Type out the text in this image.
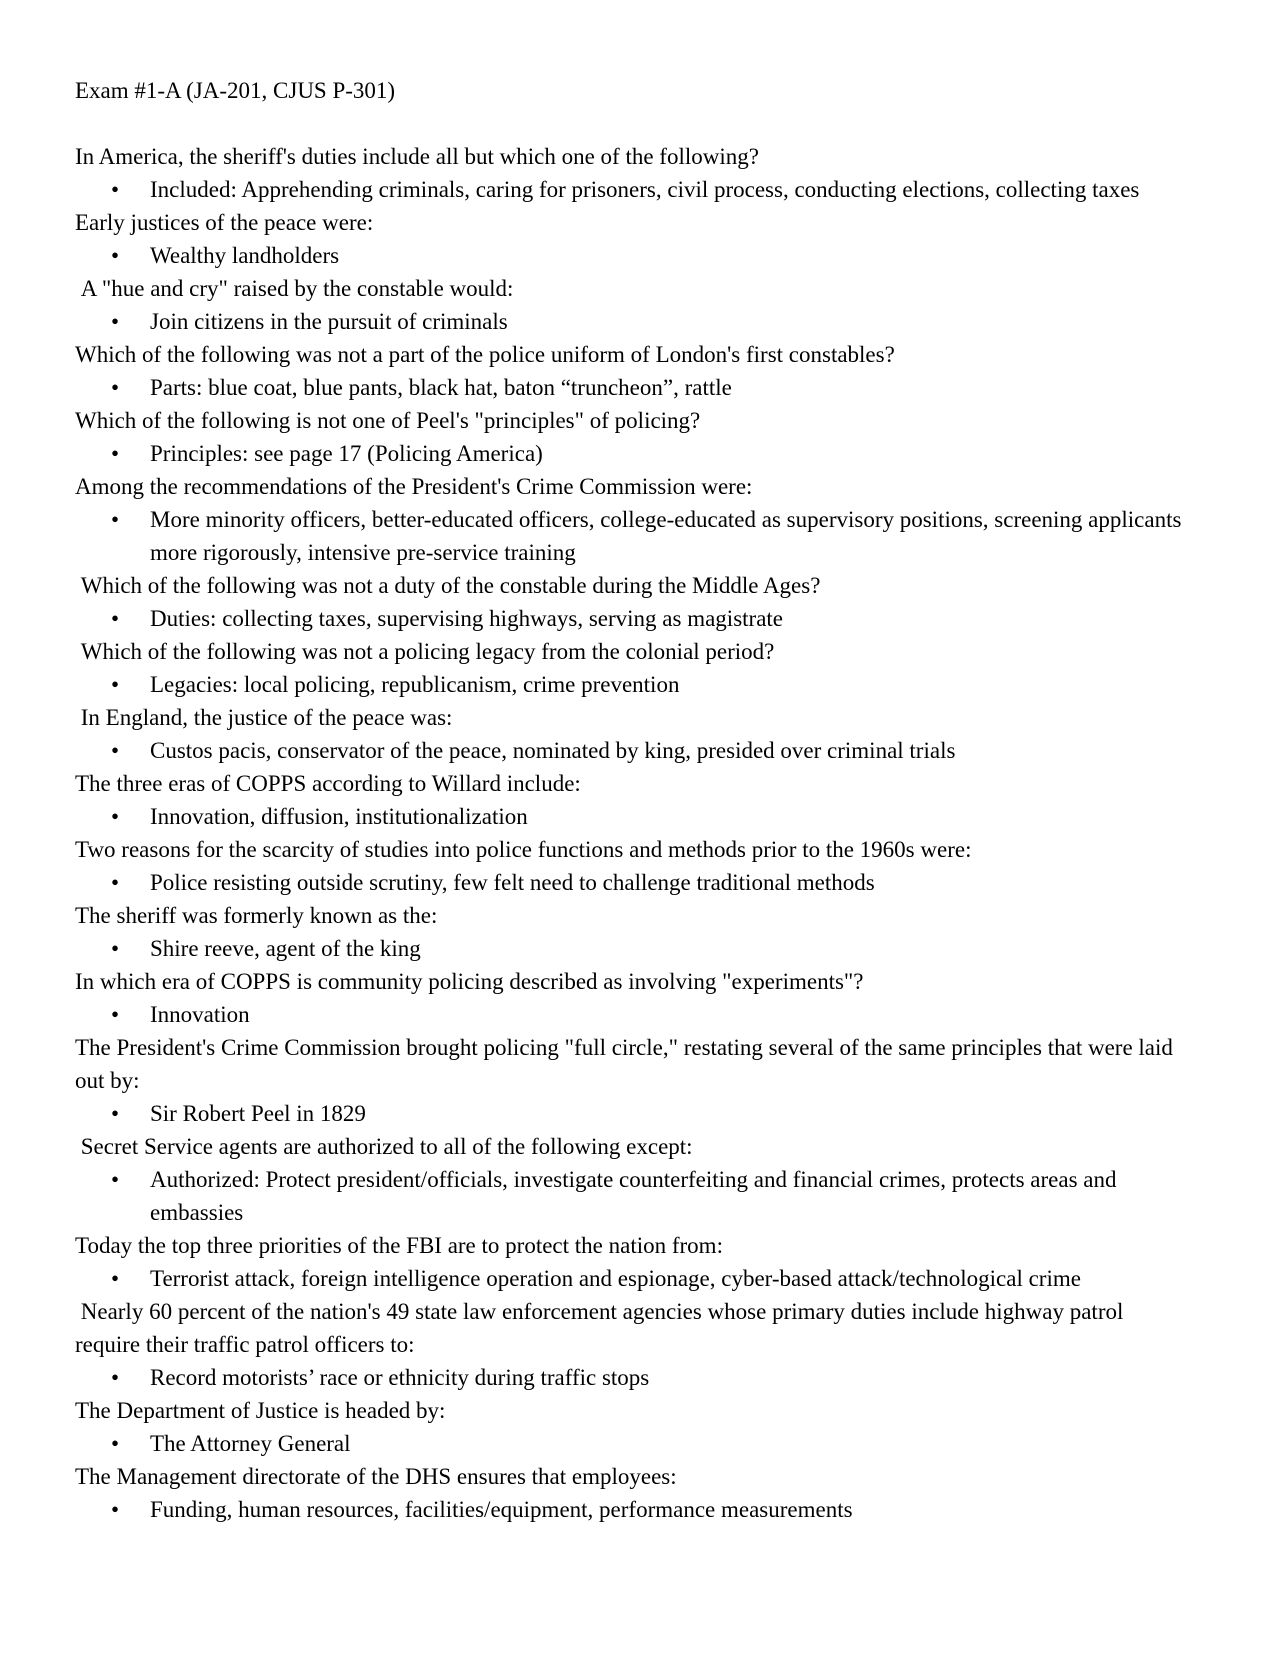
Exam #1-A (JA-201, CJUS P-301)

In America, the sheriff's duties include all but which one of the following?

• Included: Apprehending criminals, caring for prisoners, civil process, conducting elections, collecting taxes

Early justices of the peace were:

• Wealthy landholders

A "hue and cry" raised by the constable would:

• Join citizens in the pursuit of criminals

Which of the following was not a part of the police uniform of London's first constables?

• Parts: blue coat, blue pants, black hat, baton “truncheon”, rattle

Which of the following is not one of Peel's "principles" of policing?

• Principles: see page 17 (Policing America)

Among the recommendations of the President's Crime Commission were:

• More minority officers, better-educated officers, college-educated as supervisory positions, screening applicants more rigorously, intensive pre-service training

Which of the following was not a duty of the constable during the Middle Ages?

• Duties: collecting taxes, supervising highways, serving as magistrate

Which of the following was not a policing legacy from the colonial period?

• Legacies: local policing, republicanism, crime prevention

In England, the justice of the peace was:

• Custos pacis, conservator of the peace, nominated by king, presided over criminal trials

The three eras of COPPS according to Willard include:

• Innovation, diffusion, institutionalization

Two reasons for the scarcity of studies into police functions and methods prior to the 1960s were:

• Police resisting outside scrutiny, few felt need to challenge traditional methods

The sheriff was formerly known as the:

• Shire reeve, agent of the king

In which era of COPPS is community policing described as involving "experiments"?

• Innovation

The President's Crime Commission brought policing "full circle," restating several of the same principles that were laid out by:

• Sir Robert Peel in 1829

Secret Service agents are authorized to all of the following except:

• Authorized: Protect president/officials, investigate counterfeiting and financial crimes, protects areas and embassies

Today the top three priorities of the FBI are to protect the nation from:

• Terrorist attack, foreign intelligence operation and espionage, cyber-based attack/technological crime

Nearly 60 percent of the nation's 49 state law enforcement agencies whose primary duties include highway patrol require their traffic patrol officers to:

• Record motorists’ race or ethnicity during traffic stops

The Department of Justice is headed by:

• The Attorney General

The Management directorate of the DHS ensures that employees:

• Funding, human resources, facilities/equipment, performance measurements
